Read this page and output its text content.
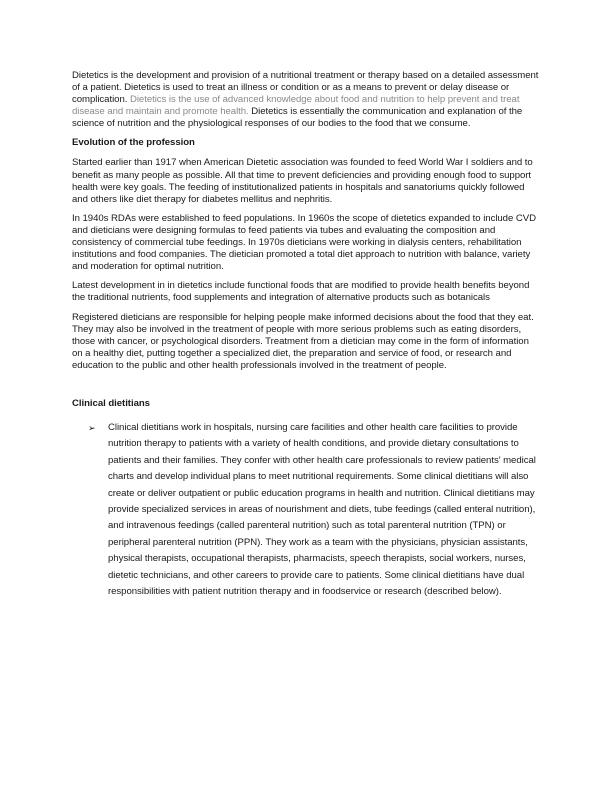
Dietetics is the development and provision of a nutritional treatment or therapy based on a detailed assessment of a patient. Dietetics is used to treat an illness or condition or as a means to prevent or delay disease or complication. Dietetics is the use of advanced knowledge about food and nutrition to help prevent and treat disease and maintain and promote health. Dietetics is essentially the communication and explanation of the science of nutrition and the physiological responses of our bodies to the food that we consume.

Evolution of the profession

Started earlier than 1917 when American Dietetic association was founded to feed World War I soldiers and to benefit as many people as possible. All that time to prevent deficiencies and providing enough food to support health were key goals. The feeding of institutionalized patients in hospitals and sanatoriums quickly followed and others like diet therapy for diabetes mellitus and nephritis.

In 1940s RDAs were established to feed populations. In 1960s the scope of dietetics expanded to include CVD and dieticians were designing formulas to feed patients via tubes and evaluating the composition and consistency of commercial tube feedings. In 1970s dieticians were working in dialysis centers, rehabilitation institutions and food companies. The dietician promoted a total diet approach to nutrition with balance, variety and moderation for optimal nutrition.

Latest development in in dietetics include functional foods that are modified to provide health benefits beyond the traditional nutrients, food supplements and integration of alternative products such as botanicals

Registered dieticians are responsible for helping people make informed decisions about the food that they eat. They may also be involved in the treatment of people with more serious problems such as eating disorders, those with cancer, or psychological disorders. Treatment from a dietician may come in the form of information on a healthy diet, putting together a specialized diet, the preparation and service of food, or research and education to the public and other health professionals involved in the treatment of people.

Clinical dietitians
➢ Clinical dietitians work in hospitals, nursing care facilities and other health care facilities to provide nutrition therapy to patients with a variety of health conditions, and provide dietary consultations to patients and their families. They confer with other health care professionals to review patients' medical charts and develop individual plans to meet nutritional requirements. Some clinical dietitians will also create or deliver outpatient or public education programs in health and nutrition. Clinical dietitians may provide specialized services in areas of nourishment and diets, tube feedings (called enteral nutrition), and intravenous feedings (called parenteral nutrition) such as total parenteral nutrition (TPN) or peripheral parenteral nutrition (PPN). They work as a team with the physicians, physician assistants, physical therapists, occupational therapists, pharmacists, speech therapists, social workers, nurses, dietetic technicians, and other careers to provide care to patients. Some clinical dietitians have dual responsibilities with patient nutrition therapy and in foodservice or research (described below).
